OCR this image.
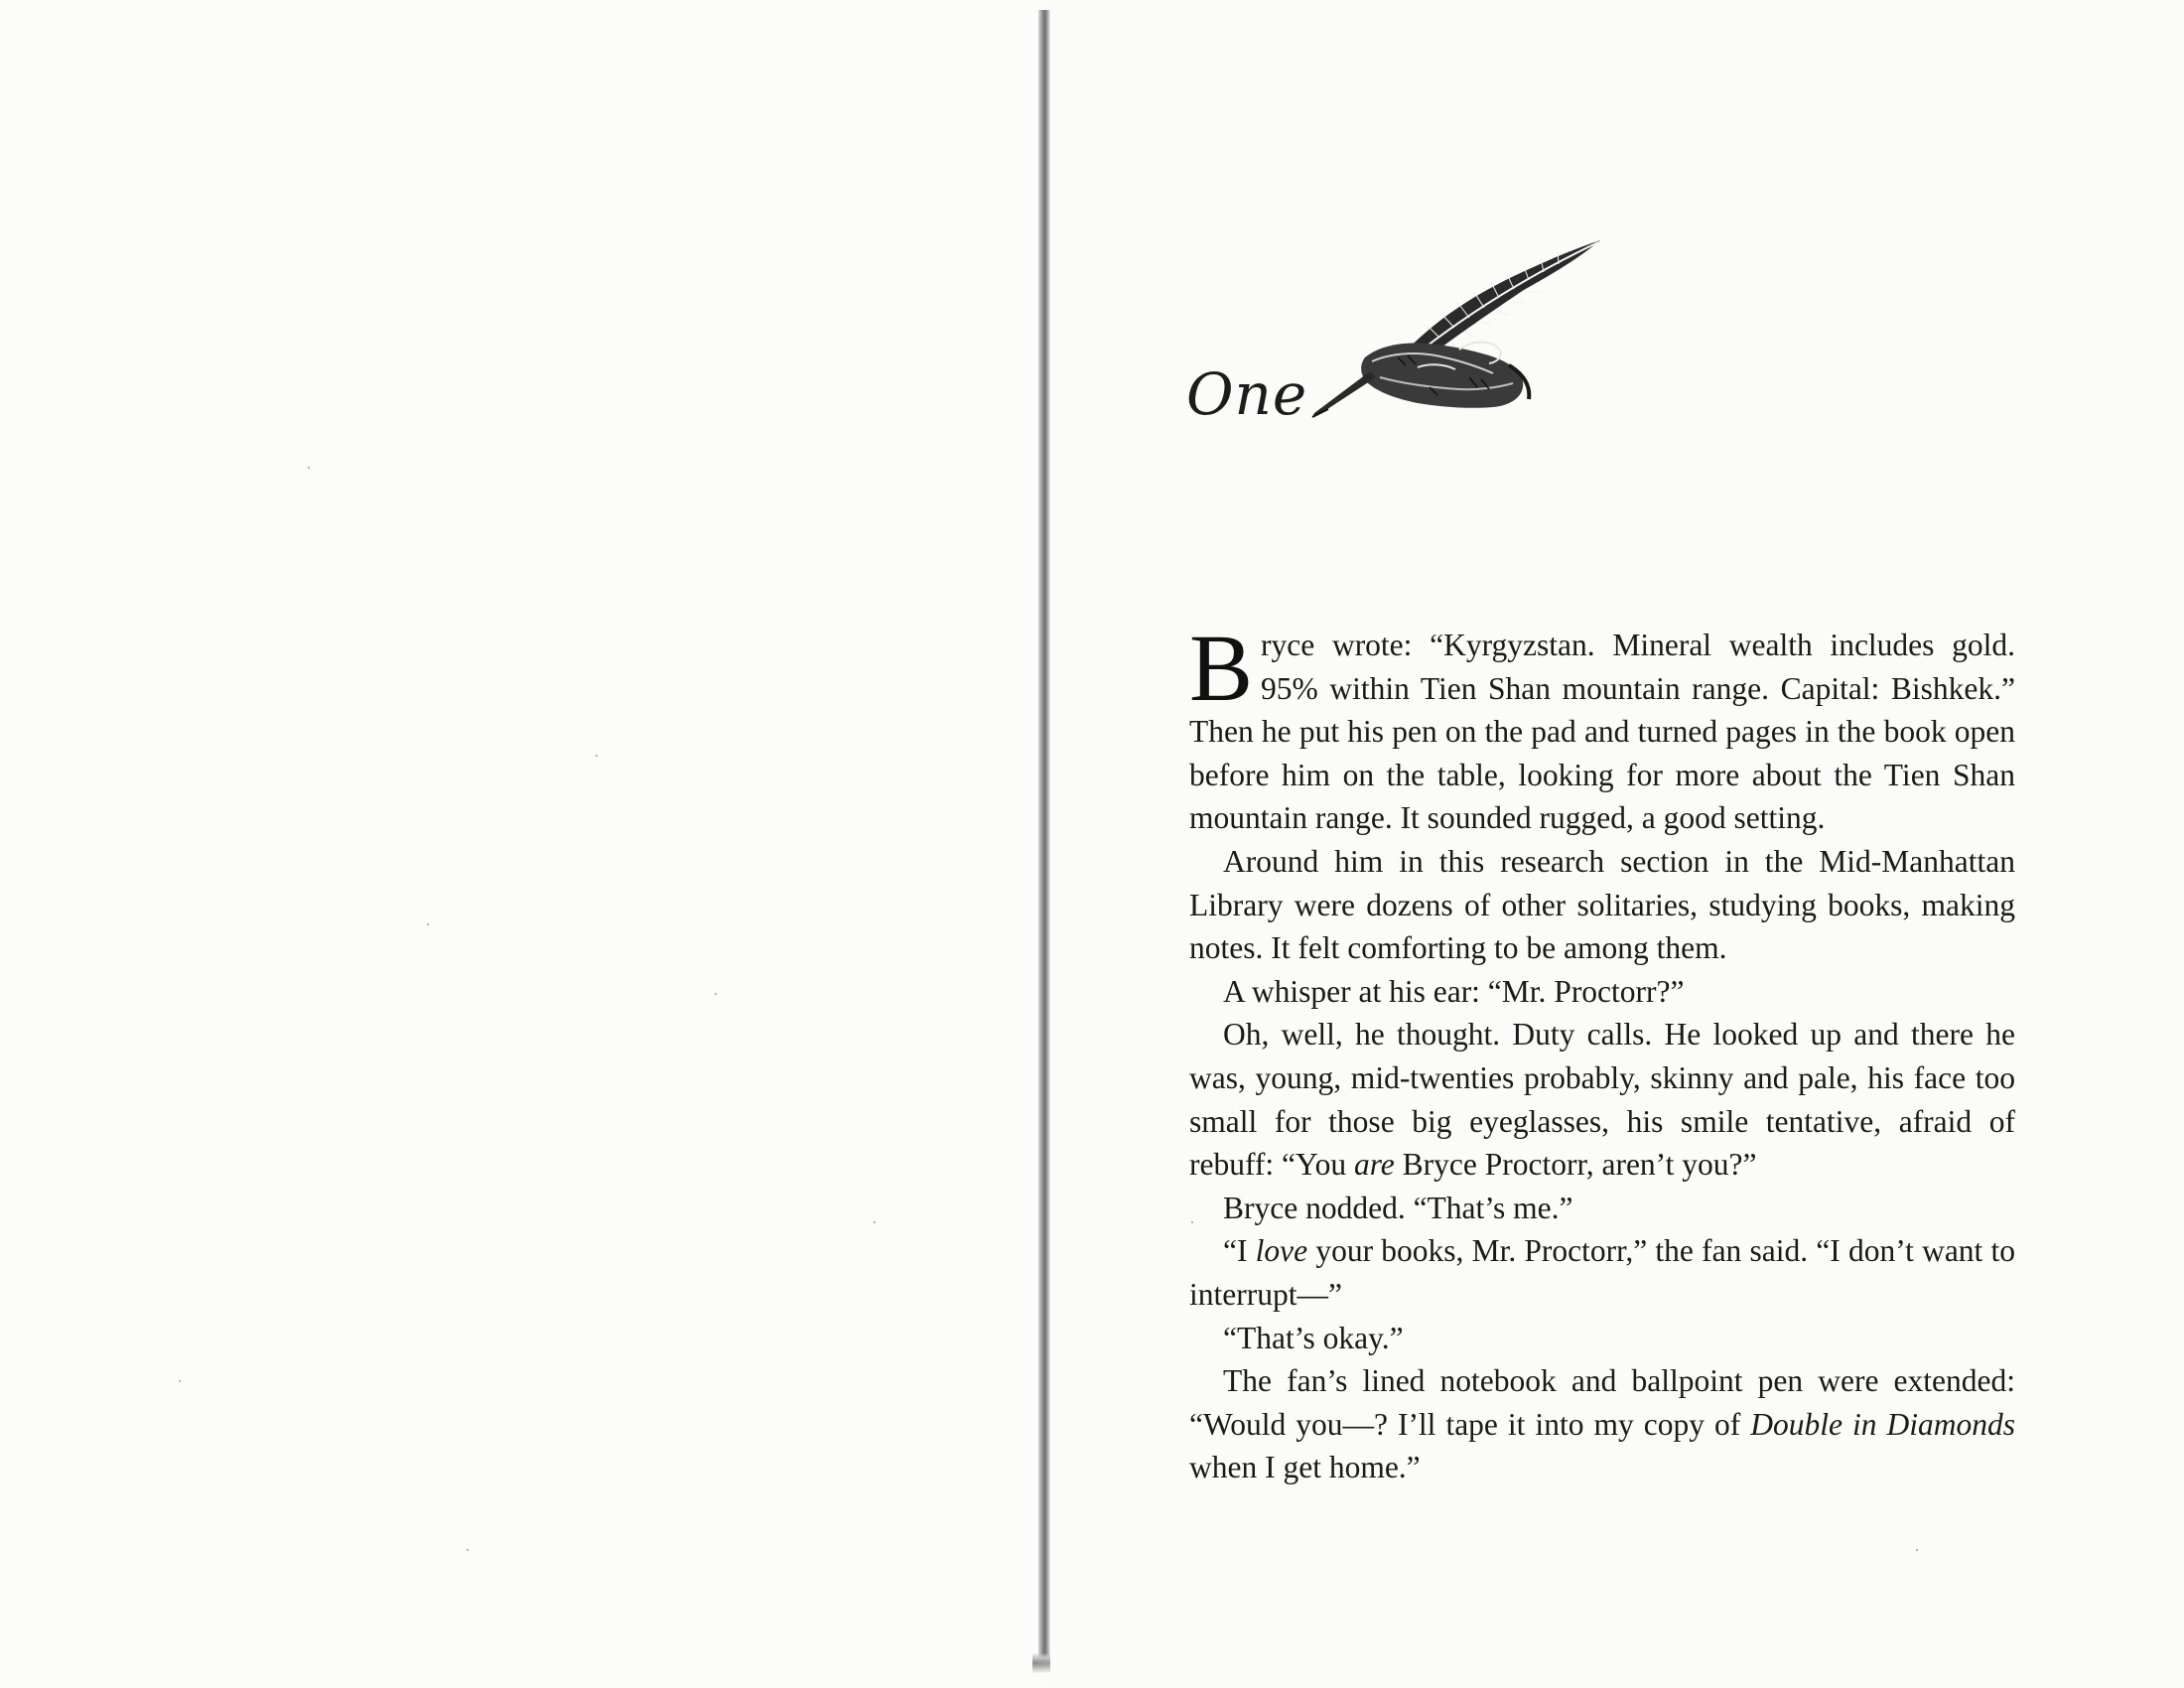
One

Bryce wrote: “Kyrgyzstan. Mineral wealth includes gold. 95% within Tien Shan mountain range. Capital: Bishkek.” Then he put his pen on the pad and turned pages in the book open before him on the table, looking for more about the Tien Shan mountain range. It sounded rugged, a good setting.

Around him in this research section in the Mid-Manhattan Library were dozens of other solitaries, studying books, making notes. It felt comforting to be among them.

A whisper at his ear: “Mr. Proctorr?”

Oh, well, he thought. Duty calls. He looked up and there he was, young, mid-twenties probably, skinny and pale, his face too small for those big eyeglasses, his smile tentative, afraid of rebuff: “You are Bryce Proctorr, aren’t you?”

Bryce nodded. “That’s me.”

“I love your books, Mr. Proctorr,” the fan said. “I don’t want to interrupt—”

“That’s okay.”

The fan’s lined notebook and ballpoint pen were extended: “Would you—? I’ll tape it into my copy of Double in Diamonds when I get home.”
